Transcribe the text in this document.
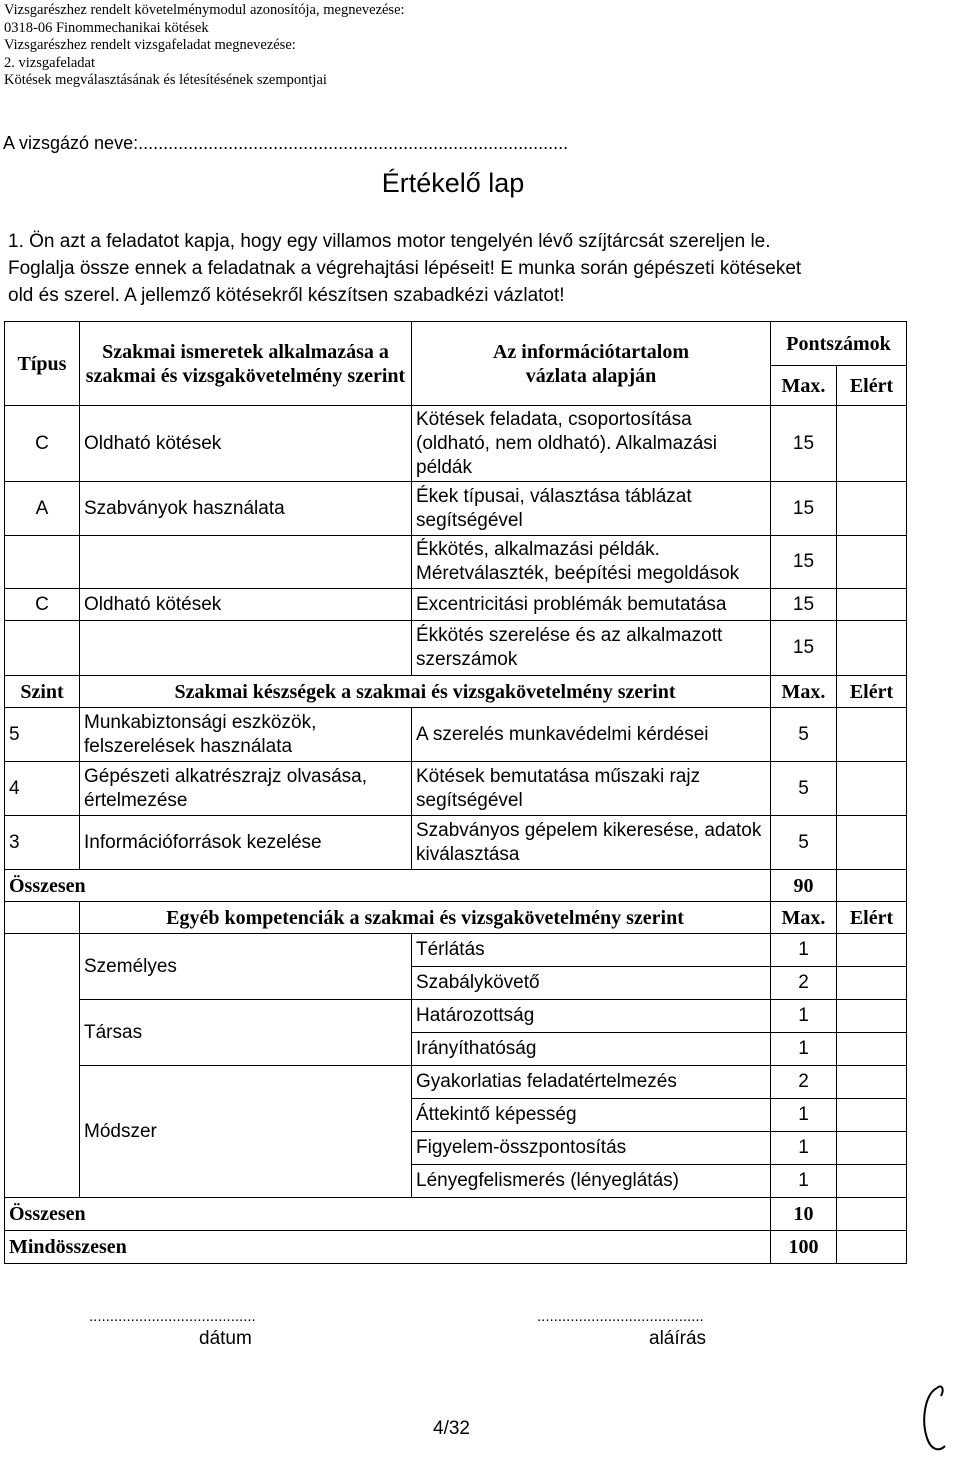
Vizsgarészhez rendelt követelménymodul azonosítója, megnevezése:
0318-06 Finommechanikai kötések
Vizsgarészhez rendelt vizsgafeladat megnevezése:
2. vizsgafeladat
Kötések megválasztásának és létesítésének szempontjai
A vizsgázó neve:......................................................................................
Értékelő lap
1. Ön azt a feladatot kapja, hogy egy villamos motor tengelyén lévő szíjtárcsát szereljen le.
Foglalja össze ennek a feladatnak a végrehajtási lépéseit! E munka során gépészeti kötéseket
old és szerel. A jellemző kötésekről készítsen szabadkézi vázlatot!
Típus	Szakmai ismeretek alkalmazása a szakmai és vizsgakövetelmény szerint	Az információtartalom vázlata alapján	Pontszámok	
			Max.	Elért
C	Oldható kötések	Kötések feladata, csoportosítása (oldható, nem oldható). Alkalmazási példák	15	
A	Szabványok használata	Ékek típusai, választása táblázat segítségével	15	
		Ékkötés, alkalmazási példák. Méretválaszték, beépítési megoldások	15	
C	Oldható kötések	Excentricitási problémák bemutatása	15	
		Ékkötés szerelése és az alkalmazott szerszámok	15	
Szint	Szakmai készségek a szakmai és vizsgakövetelmény szerint		Max.	Elért
5	Munkabiztonsági eszközök, felszerelések használata	A szerelés munkavédelmi kérdései	5	
4	Gépészeti alkatrészrajz olvasása, értelmezése	Kötések bemutatása műszaki rajz segítségével	5	
3	Információforrások kezelése	Szabványos gépelem kikeresése, adatok kiválasztása	5	
Összesen			90	
	Egyéb kompetenciák a szakmai és vizsgakövetelmény szerint		Max.	Elért
	Személyes	Térlátás	1	
		Szabálykövető	2	
	Társas	Határozottság	1	
		Irányíthatóság	1	
	Módszer	Gyakorlatias feladatértelmezés	2	
		Áttekintő képesség	1	
		Figyelem-összpontosítás	1	
		Lényegfelismerés (lényeglátás)	1	
Összesen			10	
Mindösszesen			100	
........................................	........................................
dátum	aláírás
4/32
